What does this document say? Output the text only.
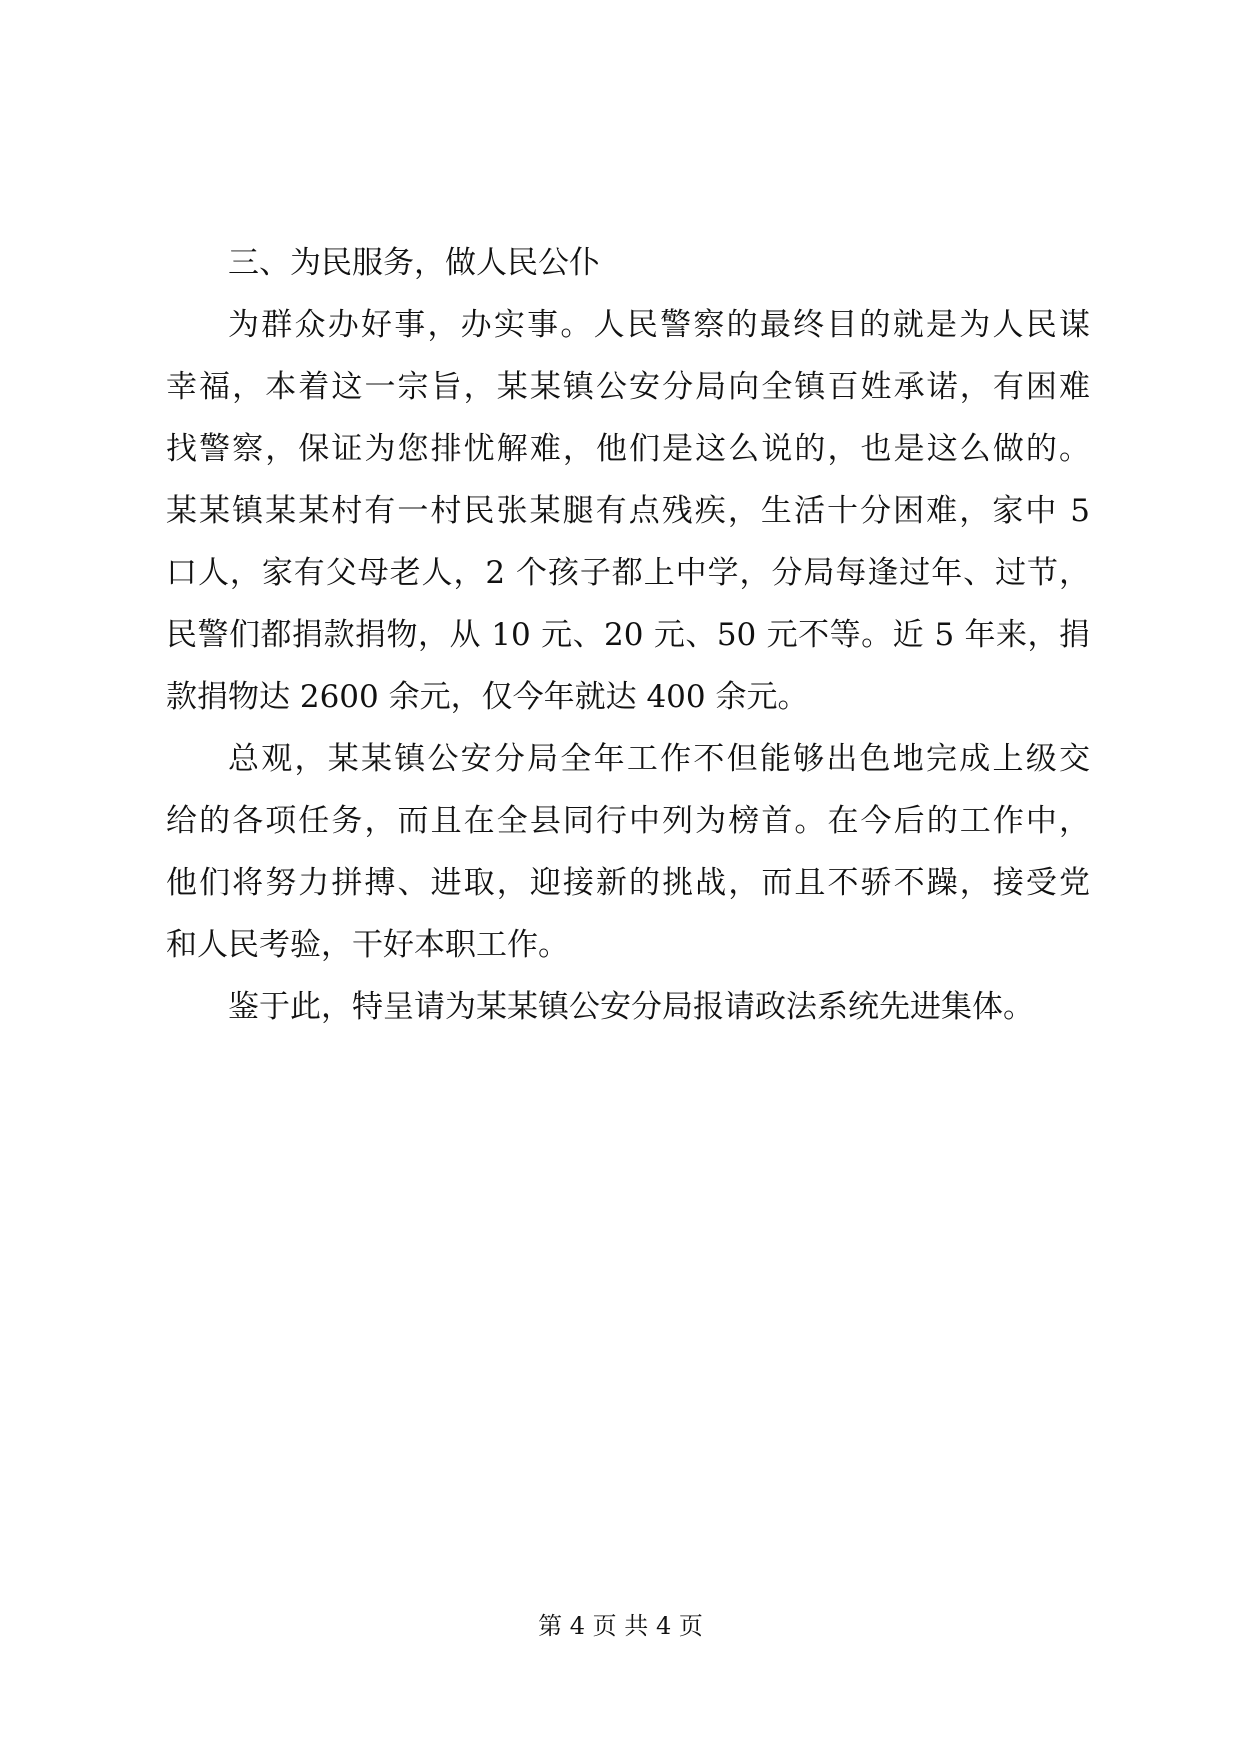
三、为民服务，做人民公仆
为群众办好事，办实事。人民警察的最终目的就是为人民谋
幸福，本着这一宗旨，某某镇公安分局向全镇百姓承诺，有困难
找警察，保证为您排忧解难，他们是这么说的，也是这么做的。
某某镇某某村有一村民张某腿有点残疾，生活十分困难，家中 5
口人，家有父母老人，2 个孩子都上中学，分局每逢过年、过节，
民警们都捐款捐物，从 10 元、20 元、50 元不等。近 5 年来，捐
款捐物达 2600 余元，仅今年就达 400 余元。
总观，某某镇公安分局全年工作不但能够出色地完成上级交
给的各项任务，而且在全县同行中列为榜首。在今后的工作中，
他们将努力拼搏、进取，迎接新的挑战，而且不骄不躁，接受党
和人民考验，干好本职工作。
鉴于此，特呈请为某某镇公安分局报请政法系统先进集体。
第 4 页 共 4 页
